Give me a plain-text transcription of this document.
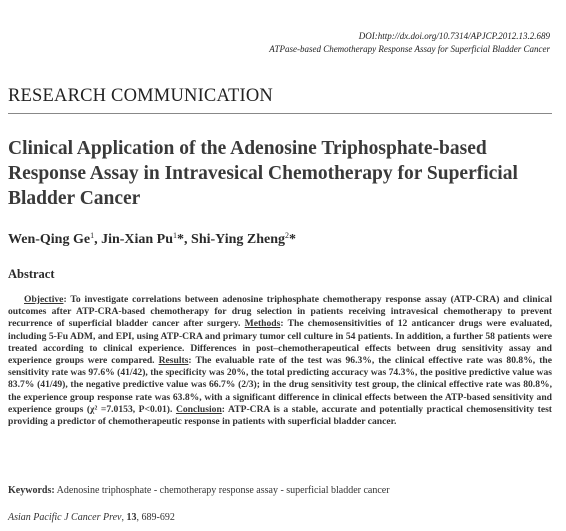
DOI:http://dx.doi.org/10.7314/APJCP.2012.13.2.689
ATPase-based Chemotherapy Response Assay for Superficial Bladder Cancer
RESEARCH COMMUNICATION
Clinical Application of the Adenosine Triphosphate-based Response Assay in Intravesical Chemotherapy for Superficial Bladder Cancer
Wen-Qing Ge$^1$, Jin-Xian Pu$^1$*, Shi-Ying Zheng$^2$*
Abstract

Objective: To investigate correlations between adenosine triphosphate chemotherapy response assay (ATP-CRA) and clinical outcomes after ATP-CRA-based chemotherapy for drug selection in patients receiving intravesical chemotherapy to prevent recurrence of superficial bladder cancer after surgery. Methods: The chemosensitivities of 12 anticancer drugs were evaluated, including 5-Fu ADM, and EPI, using ATP-CRA and primary tumor cell culture in 54 patients. In addition, a further 58 patients were treated according to clinical experience. Differences in post–chemotherapeutical effects between drug sensitivity assay and experience groups were compared. Results: The evaluable rate of the test was 96.3%, the clinical effective rate was 80.8%, the sensitivity rate was 97.6% (41/42), the specificity was 20%, the total predicting accuracy was 74.3%, the positive predictive value was 83.7% (41/49), the negative predictive value was 66.7% (2/3); in the drug sensitivity test group, the clinical effective rate was 80.8%, the experience group response rate was 63.8%, with a significant difference in clinical effects between the ATP-based sensitivity and experience groups (χ² =7.0153, P<0.01). Conclusion: ATP-CRA is a stable, accurate and potentially practical chemosensitivity test providing a predictor of chemotherapeutic response in patients with superficial bladder cancer.

Keywords: Adenosine triphosphate - chemotherapy response assay - superficial bladder cancer
Asian Pacific J Cancer Prev, 13, 689-692
